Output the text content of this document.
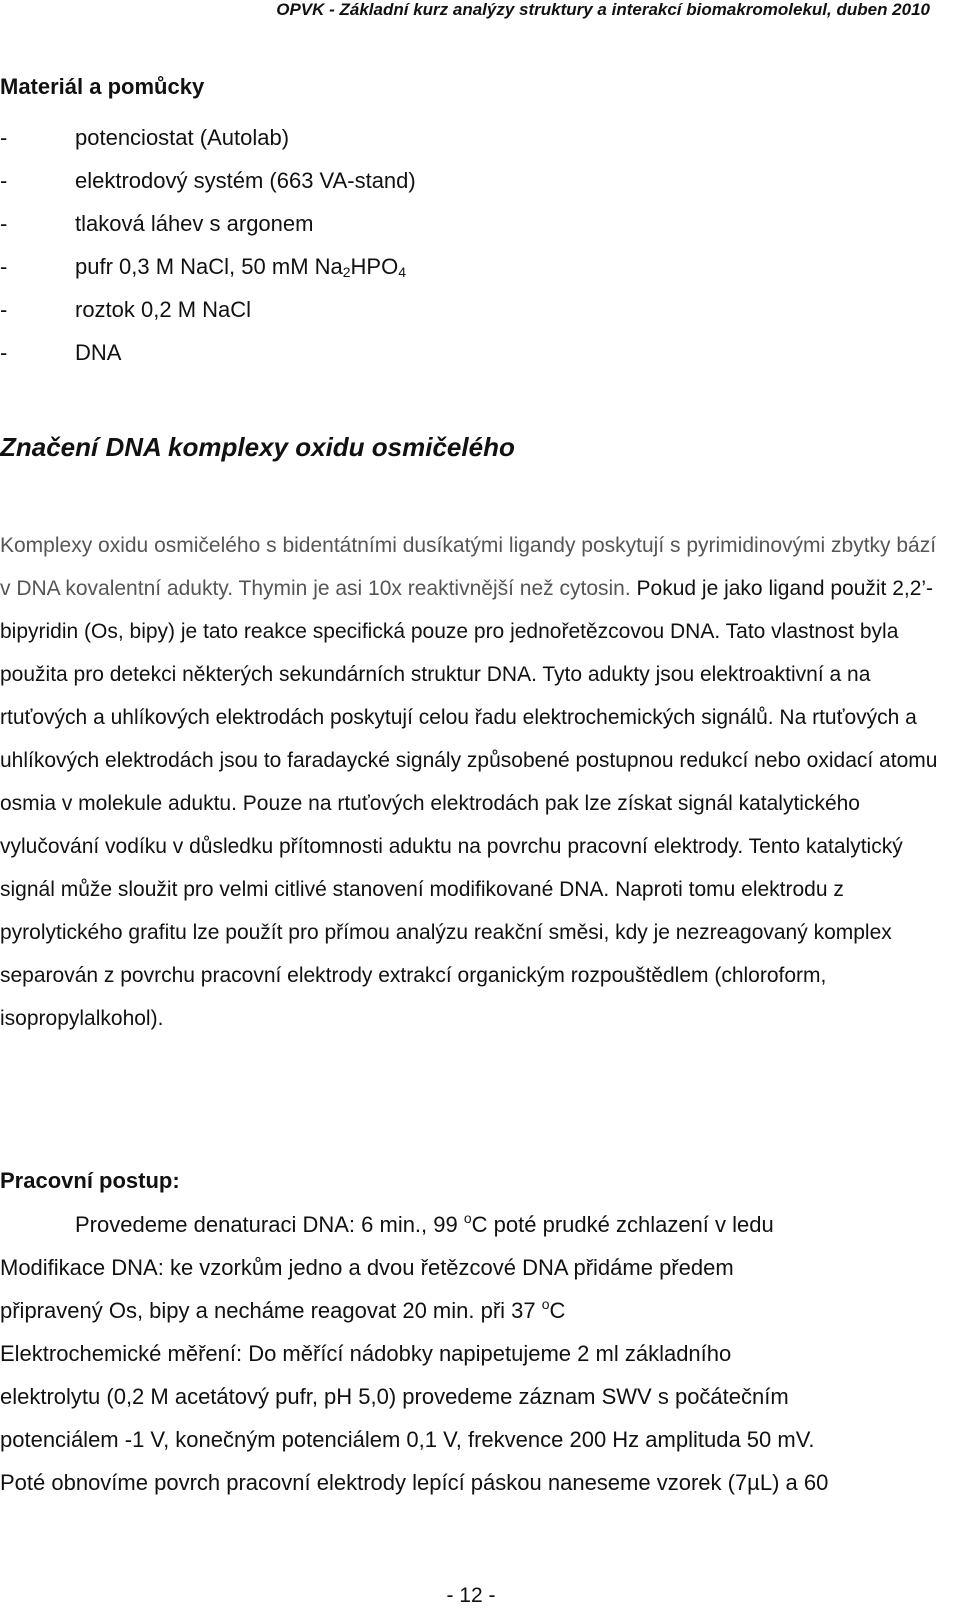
OPVK - Základní kurz analýzy struktury a interakcí biomakromolekul, duben 2010
Materiál a pomůcky
-	potenciostat (Autolab)
-	elektrodový systém (663 VA-stand)
-	tlaková láhev s argonem
-	pufr 0,3 M NaCl, 50 mM $Na_2HPO_4$
-	roztok 0,2 M NaCl
-	DNA
Značení DNA komplexy oxidu osmičelého

Komplexy oxidu osmičelého s bidentátními dusíkatými ligandy poskytují s pyrimidinovými zbytky bází v DNA kovalentní adukty. Thymin je asi 10x reaktivnější než cytosin. Pokud je jako ligand použit 2,2’-bipyridin (Os, bipy) je tato reakce specifická pouze pro jednořetězcovou DNA. Tato vlastnost byla použita pro detekci některých sekundárních struktur DNA. Tyto adukty jsou elektroaktivní a na rtuťových a uhlíkových elektrodách poskytují celou řadu elektrochemických signálů. Na rtuťových a uhlíkových elektrodách jsou to faradaycké signály způsobené postupnou redukcí nebo oxidací atomu osmia v molekule aduktu. Pouze na rtuťových elektrodách pak lze získat signál katalytického vylučování vodíku v důsledku přítomnosti aduktu na povrchu pracovní elektrody. Tento katalytický signál může sloužit pro velmi citlivé stanovení modifikované DNA. Naproti tomu elektrodu z pyrolytického grafitu lze použít pro přímou analýzu reakční směsi, kdy je nezreagovaný komplex separován z povrchu pracovní elektrody extrakcí organickým rozpouštědlem (chloroform, isopropylalkohol).

Pracovní postup:
Provedeme denaturaci DNA: 6 min., 99 $^o$C poté prudké zchlazení v ledu
Modifikace DNA: ke vzorkům jedno a dvou řetězcové DNA přidáme předem
připravený Os, bipy a necháme reagovat 20 min. při 37 $^o$C
Elektrochemické měření: Do měřící nádobky napipetujeme 2 ml základního
elektrolytu (0,2 M acetátový pufr, pH 5,0) provedeme záznam SWV s počátečním
potenciálem -1 V, konečným potenciálem 0,1 V, frekvence 200 Hz amplituda 50 mV.
Poté obnovíme povrch pracovní elektrody lepící páskou naneseme vzorek (7µL) a 60
- 12 -
